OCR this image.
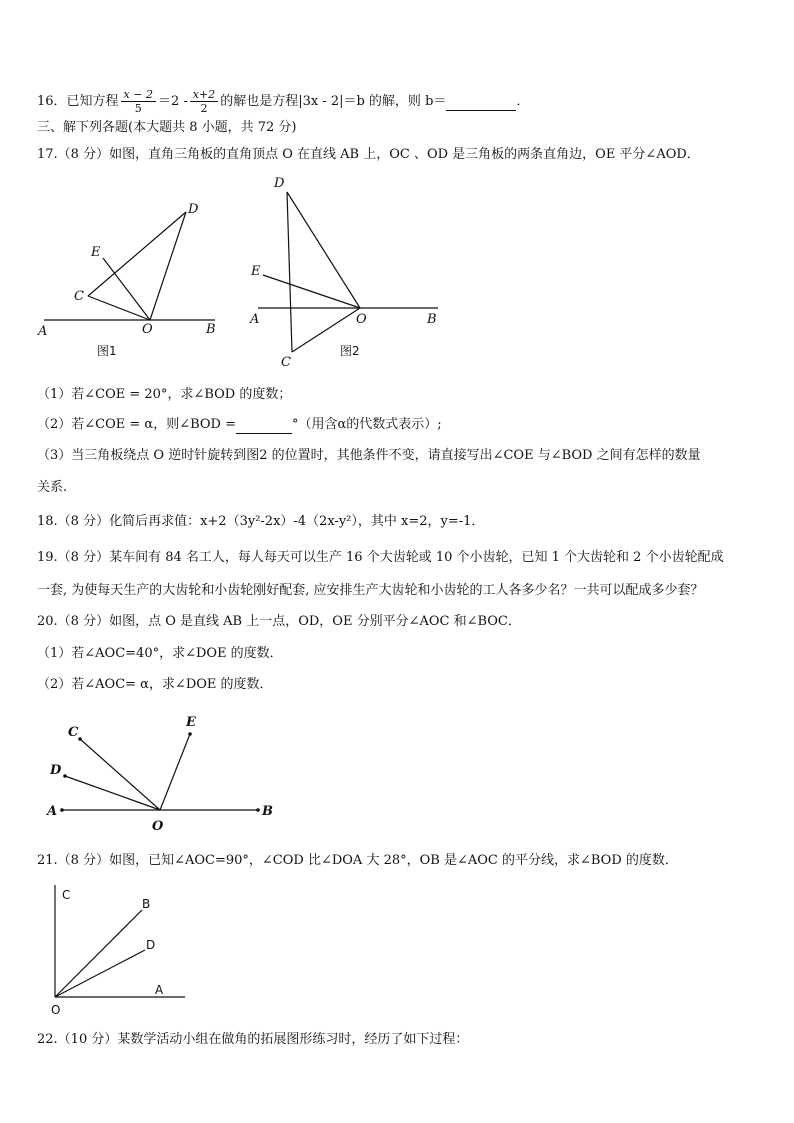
16．已知方程 $\frac{x - 2}{5} =2 - \frac{x+2}{2}$ 的解也是方程|3x - 2|＝b 的解，则 b＝	．
三、解下列各题(本大题共 8 小题，共 72 分)
17.（8 分）如图，直角三角板的直角顶点 O 在直线 AB 上，OC 、OD 是三角板的两条直角边，OE 平分∠AOD．
A	B
C
D
E
O
图1
D
E
A	O	B
C
图2
（1）若∠COE = 20°，求∠BOD 的度数；
（2）若∠COE = α，则∠BOD =	°（用含α的代数式表示）;
（3）当三角板绕点 O 逆时针旋转到图2 的位置时，其他条件不变，请直接写出∠COE 与∠BOD 之间有怎样的数量
关系.
18.（8 分）化简后再求值：x+2（3y²-2x）-4（2x-y²），其中 x=2，y=-1．
19.（8 分）某车间有 84 名工人，每人每天可以生产 16 个大齿轮或 10 个小齿轮，已知 1 个大齿轮和 2 个小齿轮配成
一套, 为使每天生产的大齿轮和小齿轮刚好配套, 应安排生产大齿轮和小齿轮的工人各多少名？一共可以配成多少套？
20.（8 分）如图，点 O 是直线 AB 上一点，OD，OE 分别平分∠AOC 和∠BOC．
（1）若∠AOC=40°，求∠DOE 的度数．
（2）若∠AOC= α，求∠DOE 的度数．
C
D
E
A	B
O
21.（8 分）如图，已知∠AOC=90°，∠COD 比∠DOA 大 28°，OB 是∠AOC 的平分线，求∠BOD 的度数．
C
B
D
A
O
22.（10 分）某数学活动小组在做角的拓展图形练习时，经历了如下过程：
